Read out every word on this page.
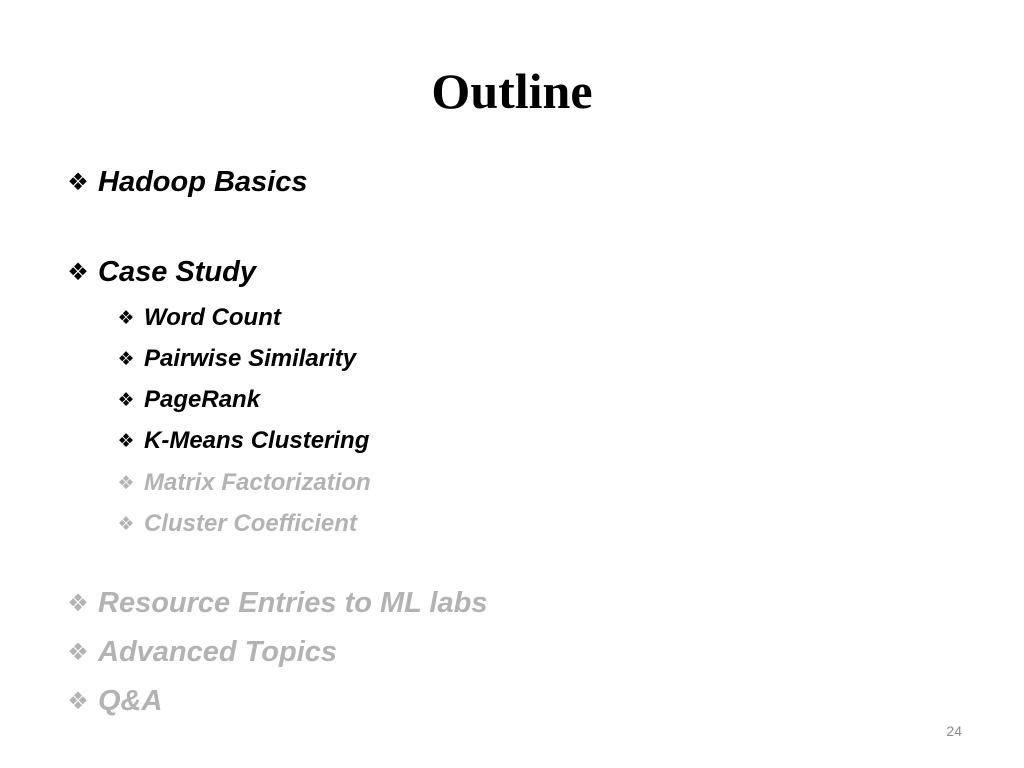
Outline
❖ Hadoop Basics
❖ Case Study
❖ Word Count
❖ Pairwise Similarity
❖ PageRank
❖ K-Means Clustering
❖ Matrix Factorization
❖ Cluster Coefficient
❖ Resource Entries to ML labs
❖ Advanced Topics
❖ Q&A
24
